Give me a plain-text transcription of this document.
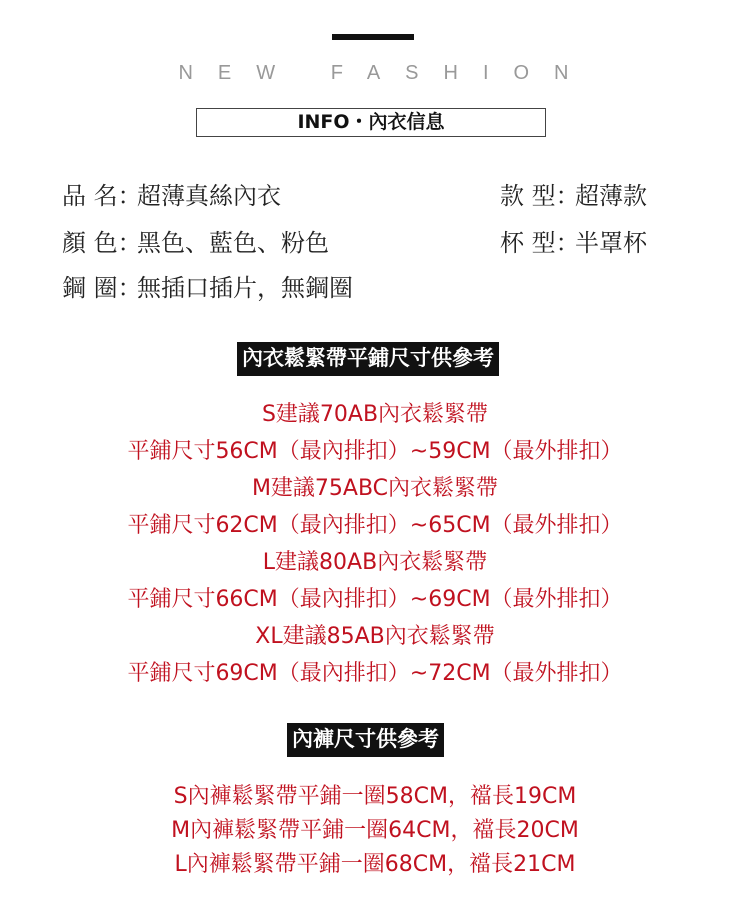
NEW FASHION
INFO・內衣信息
品 名：超薄真絲內衣
顏 色：黑色、藍色、粉色
鋼 圈：無插口插片，無鋼圈
款 型：超薄款
杯 型：半罩杯
內衣鬆緊帶平鋪尺寸供參考
S建議70AB內衣鬆緊帶
平鋪尺寸56CM（最內排扣）~59CM（最外排扣）
M建議75ABC內衣鬆緊帶
平鋪尺寸62CM（最內排扣）~65CM（最外排扣）
L建議80AB內衣鬆緊帶
平鋪尺寸66CM（最內排扣）~69CM（最外排扣）
XL建議85AB內衣鬆緊帶
平鋪尺寸69CM（最內排扣）~72CM（最外排扣）
內褲尺寸供參考
S內褲鬆緊帶平鋪一圈58CM，襠長19CM
M內褲鬆緊帶平鋪一圈64CM，襠長20CM
L內褲鬆緊帶平鋪一圈68CM，襠長21CM
